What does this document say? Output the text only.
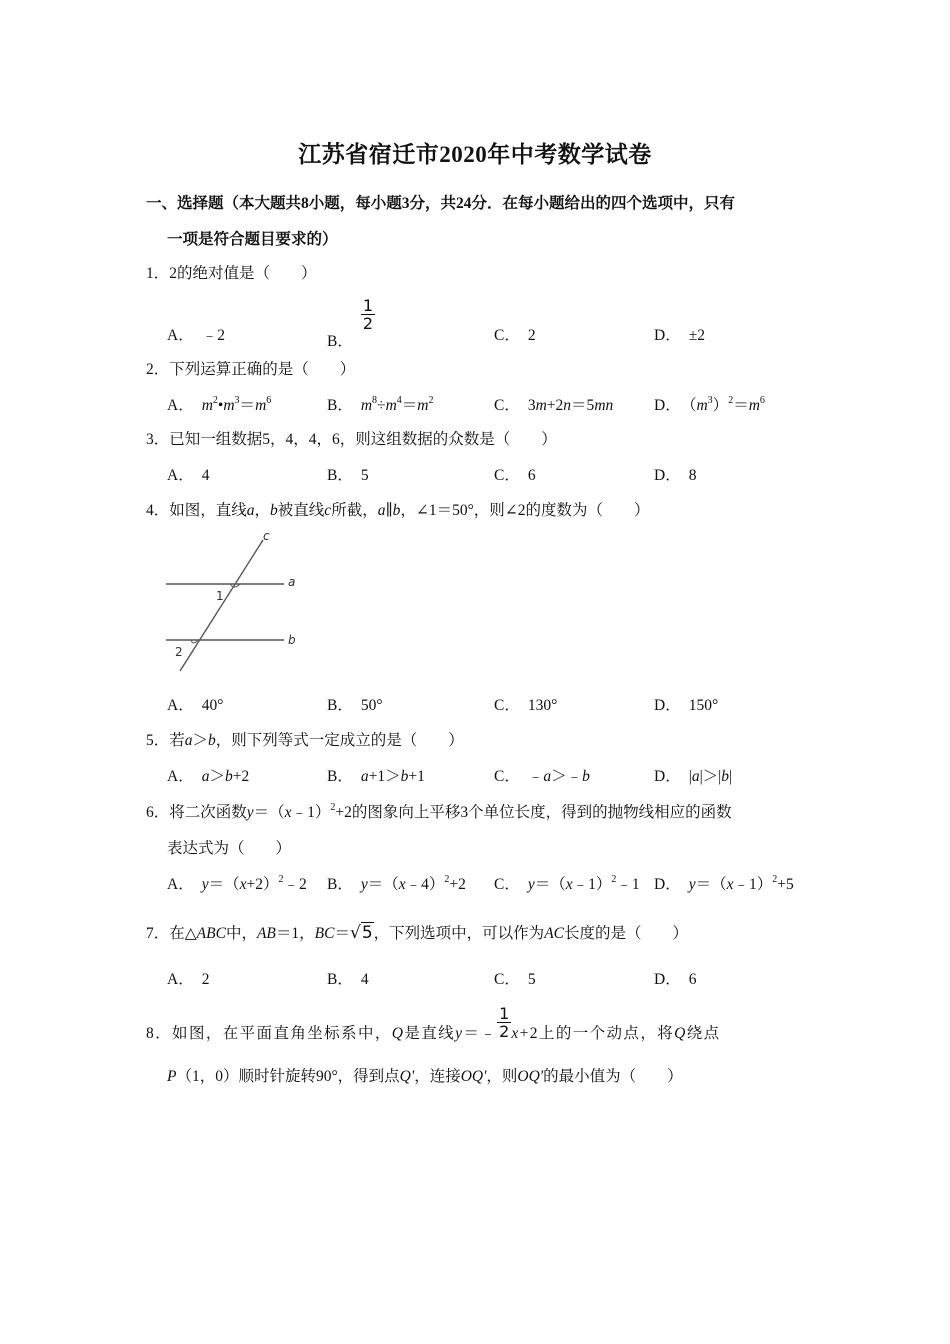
江苏省宿迁市2020年中考数学试卷
一、选择题（本大题共8小题，每小题3分，共24分．在每小题给出的四个选项中，只有
一项是符合题目要求的）
1．2的绝对值是（　　）
A． ﹣2	B．
$\frac{1}{2}$
C． 2	D． ±2
2．下列运算正确的是（　　）
A． $m^2•m^3=m^6$	B． $m^8\div m^4=m^2$	C． 3m+2n＝5mn	D． $(m^3)^2=m^6$
3．已知一组数据5，4，4，6，则这组数据的众数是（　　）
A． 4	B． 5	C． 6	D． 8
4．如图，直线a，b被直线c所截，a∥b，∠1＝50°，则∠2的度数为（　　）
c
a
b
1
2
A． 40°	B． 50°	C． 130°	D． 150°
5．若a＞b，则下列等式一定成立的是（　　）
A． a＞b+2	B． a+1＞b+1	C． ﹣a＞﹣b	D． |a|＞|b|
6．将二次函数y＝（x﹣1）$^2$+2的图象向上平移3个单位长度，得到的抛物线相应的函数
表达式为（　　）
A． $y=(x+2)^2﹣2$ B． y＝（x﹣4）$^2$+2 C． y＝（x﹣1）$^2$﹣1 D． y＝（x﹣1）$^2$+5
7．在△ABC中，AB＝1，BC＝√5，下列选项中，可以作为AC长度的是（　　）
A． 2	B． 4	C． 5	D． 6
8．如图，在平面直角坐标系中，Q是直线y＝﹣ $\frac{1}{2} x+2$上的一个动点，将Q绕点
P（1，0）顺时针旋转90°，得到点Q'，连接OQ'，则OQ'的最小值为（　　）
